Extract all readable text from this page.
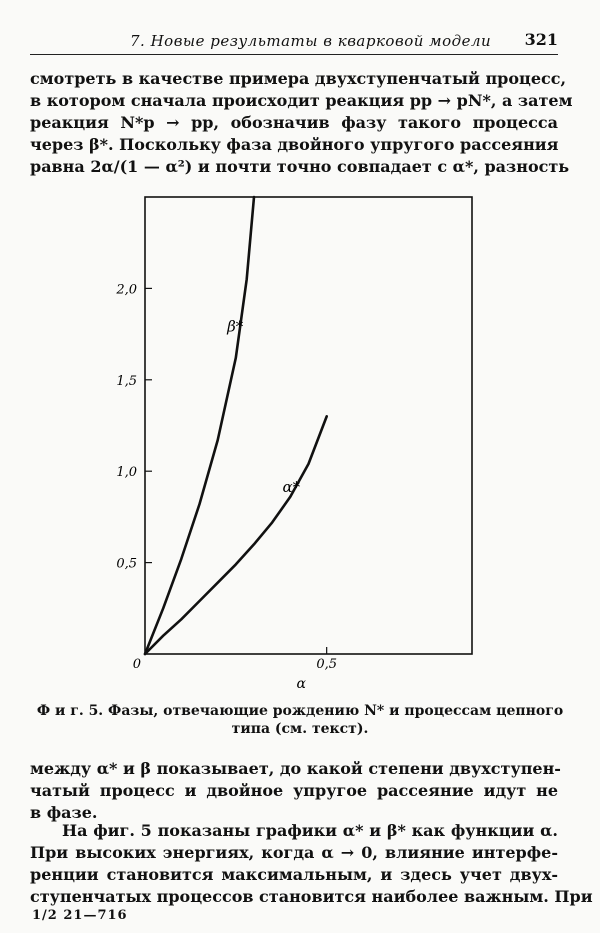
7. Новые результаты в кварковой модели 321

смотреть в качестве примера двухступенчатый процесс,
в котором сначала происходит реакция pp → pN*, а затем
реакция N*p → pp, обозначив фазу такого процесса
через β*. Поскольку фаза двойного упругого рассеяния
равна 2α/(1 — α²) и почти точно совпадает с α*, разность

0
0,5
1,0
1,5
2,0
0,5
α
β*
α*
Ф и г. 5. Фазы, отвечающие рождению N* и процессам цепного
типа (см. текст).

между α* и β показывает, до какой степени двухступен-
чатый процесс и двойное упругое рассеяние идут не
в фазе.

На фиг. 5 показаны графики α* и β* как функции α.
При высоких энергиях, когда α → 0, влияние интерфе-
ренции становится максимальным, и здесь учет двух-
ступенчатых процессов становится наиболее важным. При

1/2 21—716
